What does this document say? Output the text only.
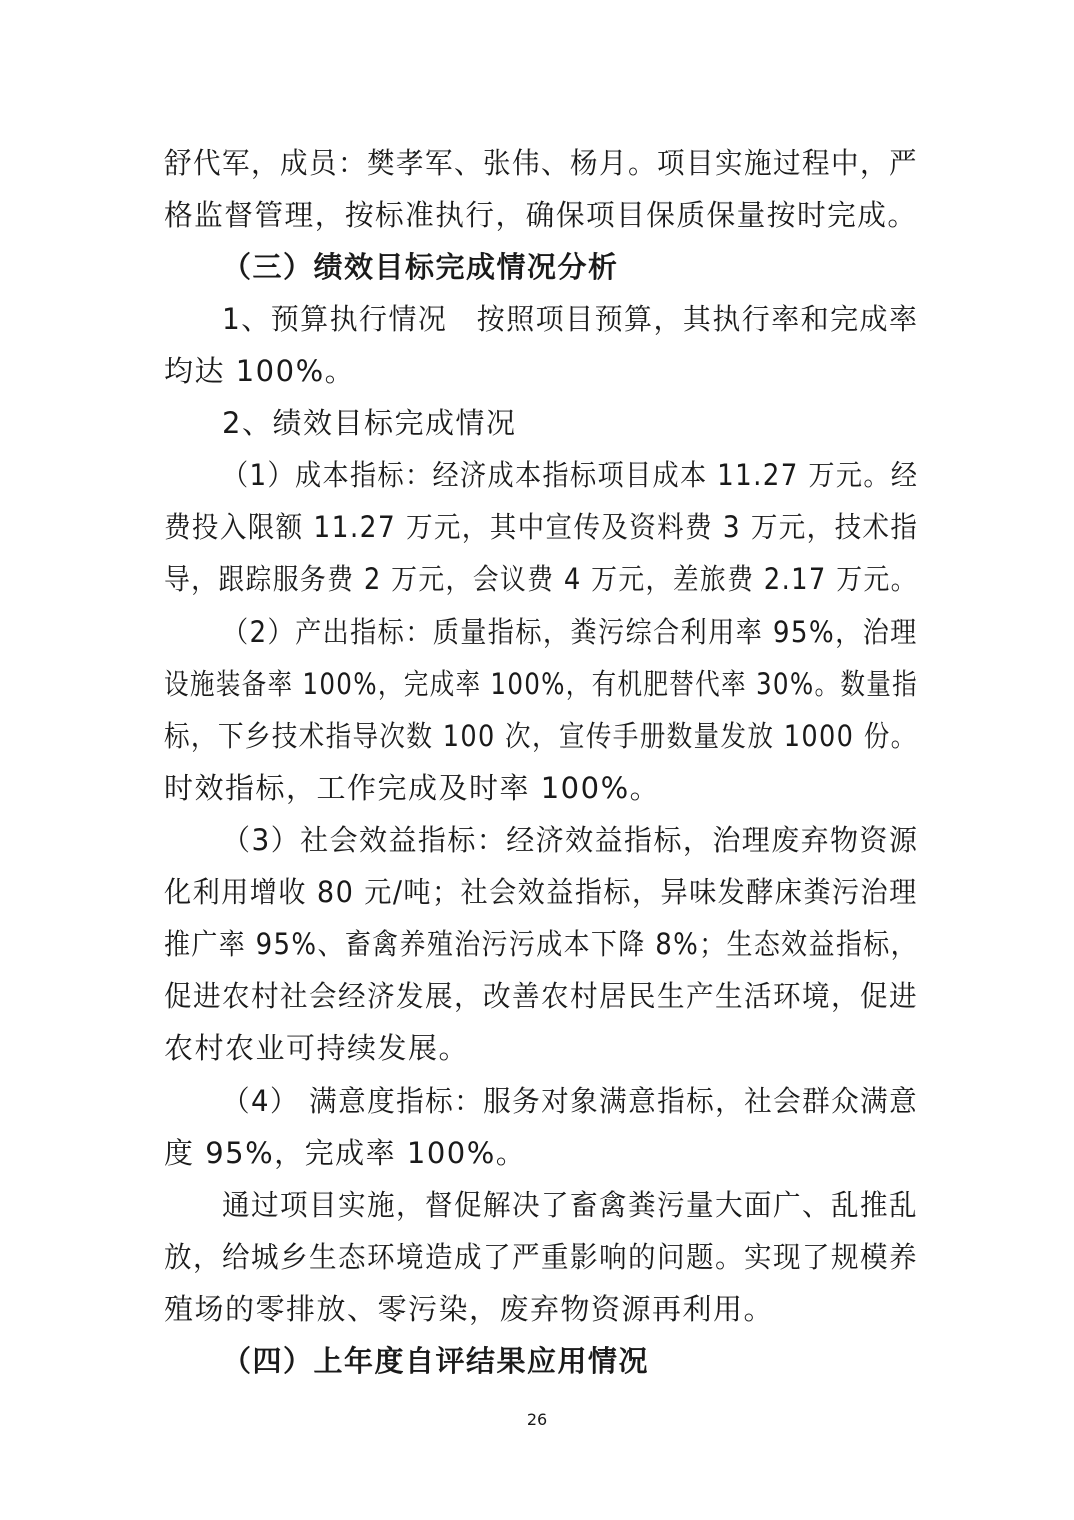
舒代军，成员：樊孝军、张伟、杨月。项目实施过程中，严
格监督管理，按标准执行，确保项目保质保量按时完成。
（三）绩效目标完成情况分析
1、预算执行情况　按照项目预算，其执行率和完成率
均达 100%。
2、绩效目标完成情况
（1）成本指标：经济成本指标项目成本 11.27 万元。经
费投入限额 11.27 万元，其中宣传及资料费 3 万元，技术指
导，跟踪服务费 2 万元，会议费 4 万元，差旅费 2.17 万元。
（2）产出指标：质量指标，粪污综合利用率 95%，治理
设施装备率 100%，完成率 100%，有机肥替代率 30%。数量指
标，下乡技术指导次数 100 次，宣传手册数量发放 1000 份。
时效指标，工作完成及时率 100%。
（3）社会效益指标：经济效益指标，治理废弃物资源
化利用增收 80 元/吨；社会效益指标，异味发酵床粪污治理
推广率 95%、畜禽养殖治污污成本下降 8%；生态效益指标，
促进农村社会经济发展，改善农村居民生产生活环境，促进
农村农业可持续发展。
（4） 满意度指标：服务对象满意指标，社会群众满意
度 95%，完成率 100%。
通过项目实施，督促解决了畜禽粪污量大面广、乱推乱
放，给城乡生态环境造成了严重影响的问题。实现了规模养
殖场的零排放、零污染，废弃物资源再利用。
（四）上年度自评结果应用情况
26
